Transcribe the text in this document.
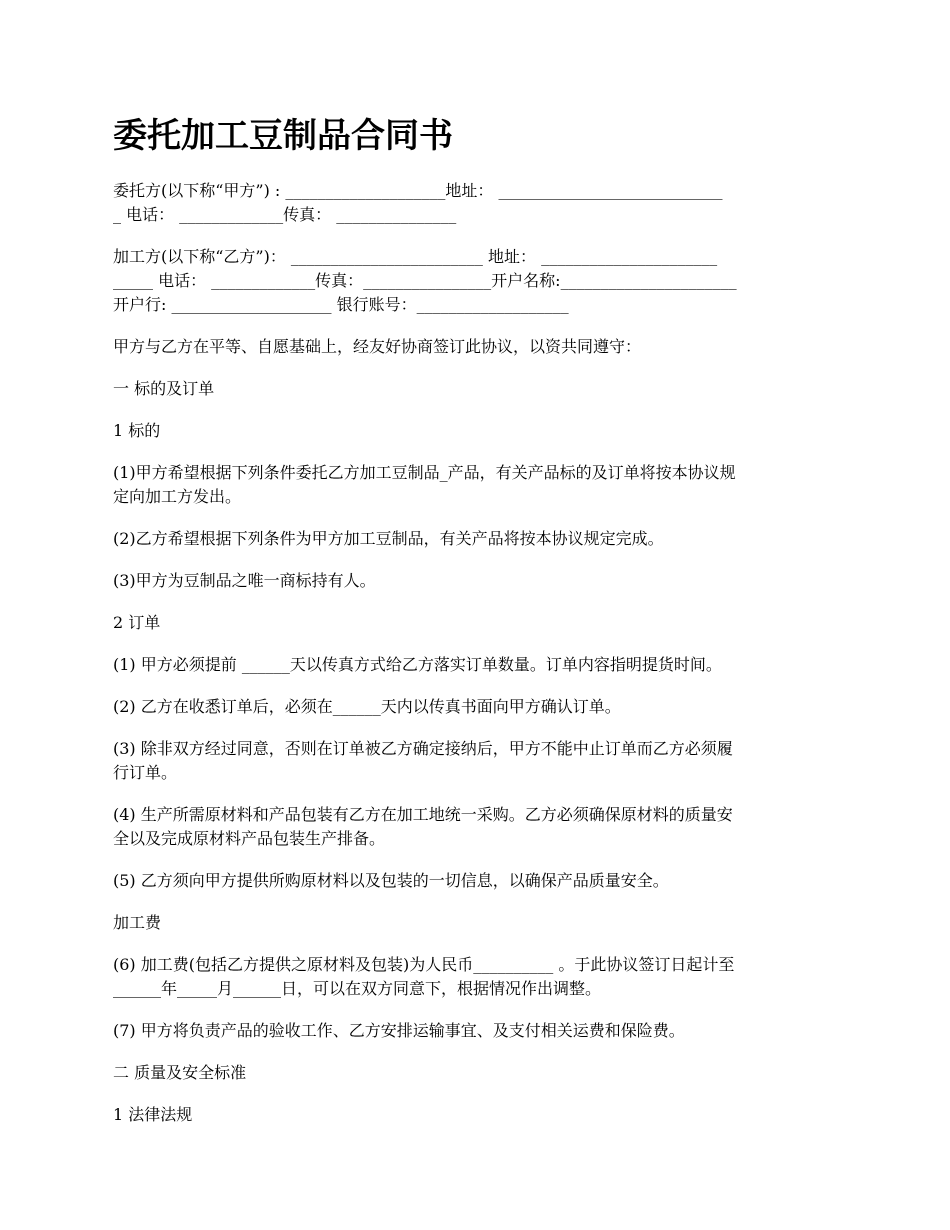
委托加工豆制品合同书

委托方(以下称“甲方”) : ____________________地址： ____________________________
_ 电话： _____________传真： _______________

加工方(以下称“乙方”)： ________________________ 地址： ______________________
_____ 电话： _____________传真：________________开户名称:______________________
开户行: ____________________ 银行账号：___________________

甲方与乙方在平等、自愿基础上，经友好协商签订此协议，以资共同遵守：

一 标的及订单

1 标的

(1)甲方希望根据下列条件委托乙方加工豆制品_产品，有关产品标的及订单将按本协议规
定向加工方发出。

(2)乙方希望根据下列条件为甲方加工豆制品，有关产品将按本协议规定完成。

(3)甲方为豆制品之唯一商标持有人。

2 订单

(1) 甲方必须提前 ______天以传真方式给乙方落实订单数量。订单内容指明提货时间。

(2) 乙方在收悉订单后，必须在______天内以传真书面向甲方确认订单。

(3) 除非双方经过同意，否则在订单被乙方确定接纳后，甲方不能中止订单而乙方必须履
行订单。

(4) 生产所需原材料和产品包装有乙方在加工地统一采购。乙方必须确保原材料的质量安
全以及完成原材料产品包装生产排备。

(5) 乙方须向甲方提供所购原材料以及包装的一切信息，以确保产品质量安全。

加工费

(6) 加工费(包括乙方提供之原材料及包装)为人民币__________ 。于此协议签订日起计至
______年_____月______日，可以在双方同意下，根据情况作出调整。

(7) 甲方将负责产品的验收工作、乙方安排运输事宜、及支付相关运费和保险费。

二 质量及安全标准

1 法律法规
